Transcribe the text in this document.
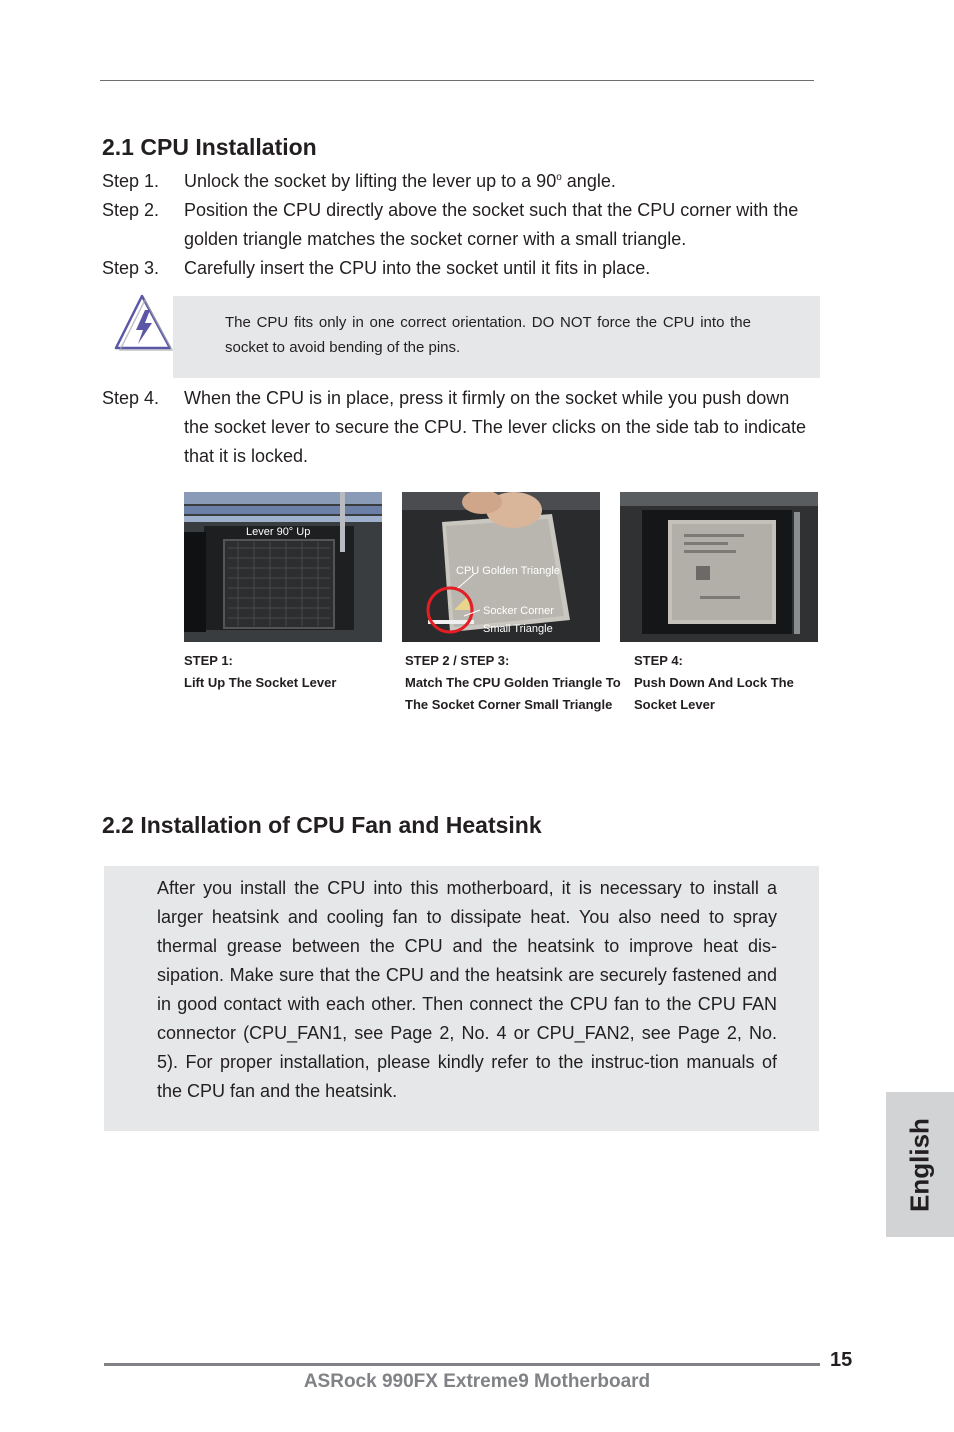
2.1 CPU Installation
Step 1. Unlock the socket by lifting the lever up to a 90$^o$ angle.
Step 2. Position the CPU directly above the socket such that the CPU corner with the golden triangle matches the socket corner with a small triangle.
Step 3. Carefully insert the CPU into the socket until it fits in place.
The CPU fits only in one correct orientation. DO NOT force the CPU into the socket to avoid bending of the pins.
Step 4. When the CPU is in place, press it firmly on the socket while you push down the socket lever to secure the CPU. The lever clicks on the side tab to indicate that it is locked.
Lever 90° Up
CPU Golden Triangle
Socker Corner
Small Triangle
STEP 1:
Lift Up The Socket Lever
STEP 2 / STEP 3:
Match The CPU Golden Triangle To The Socket Corner Small Triangle
STEP 4:
Push Down And Lock The Socket Lever
2.2 Installation of CPU Fan and Heatsink
After you install the CPU into this motherboard, it is necessary to install a larger heatsink and cooling fan to dissipate heat. You also need to spray thermal grease between the CPU and the heatsink to improve heat dis-sipation. Make sure that the CPU and the heatsink are securely fastened and in good contact with each other. Then connect the CPU fan to the CPU FAN connector (CPU_FAN1, see Page 2, No. 4 or CPU_FAN2, see Page 2, No. 5). For proper installation, please kindly refer to the instruc-tion manuals of the CPU fan and the heatsink.
English
15
ASRock 990FX Extreme9 Motherboard
